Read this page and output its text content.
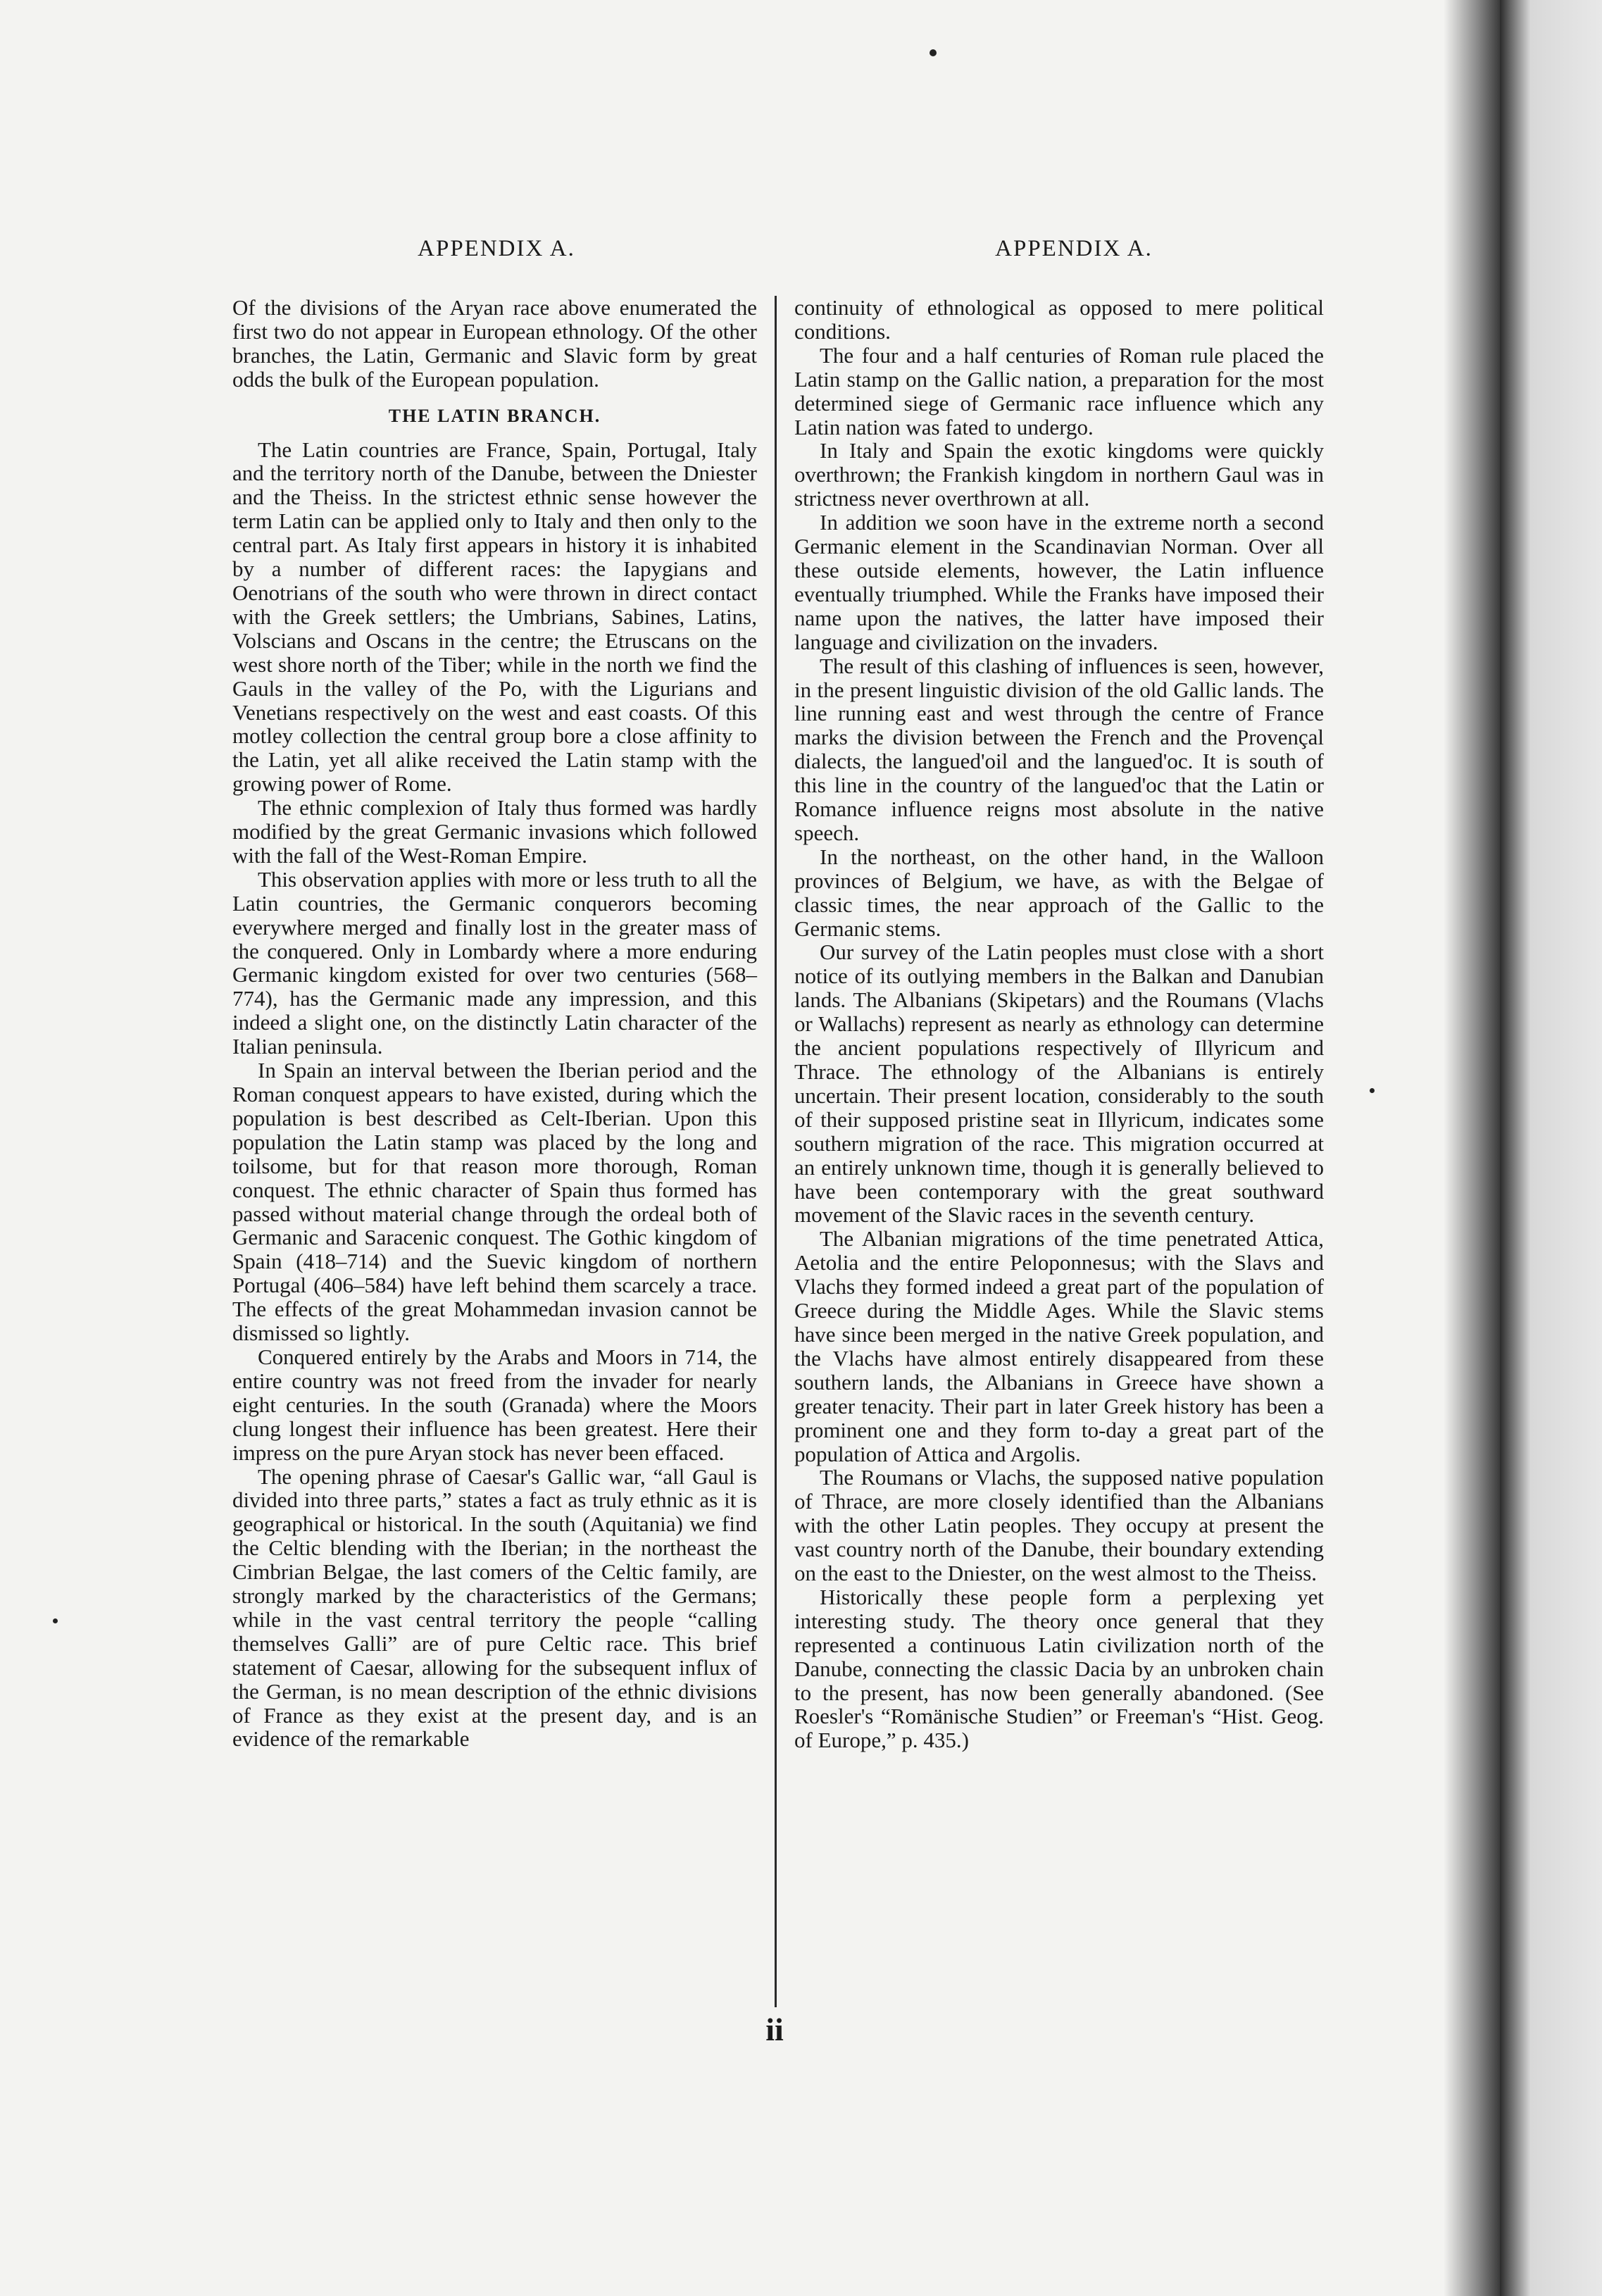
APPENDIX A.	APPENDIX A.

Of the divisions of the Aryan race above enumerated the first two do not appear in European ethnology. Of the other branches, the Latin, Germanic and Slavic form by great odds the bulk of the European population.

THE LATIN BRANCH.

The Latin countries are France, Spain, Portugal, Italy and the territory north of the Danube, between the Dniester and the Theiss. In the strictest ethnic sense however the term Latin can be applied only to Italy and then only to the central part. As Italy first appears in history it is inhabited by a number of different races: the Iapygians and Oenotrians of the south who were thrown in direct contact with the Greek settlers; the Umbrians, Sabines, Latins, Volscians and Oscans in the centre; the Etruscans on the west shore north of the Tiber; while in the north we find the Gauls in the valley of the Po, with the Ligurians and Venetians respectively on the west and east coasts. Of this motley collection the central group bore a close affinity to the Latin, yet all alike received the Latin stamp with the growing power of Rome.

The ethnic complexion of Italy thus formed was hardly modified by the great Germanic invasions which followed with the fall of the West-Roman Empire.

This observation applies with more or less truth to all the Latin countries, the Germanic conquerors becoming everywhere merged and finally lost in the greater mass of the conquered. Only in Lombardy where a more enduring Germanic kingdom existed for over two centuries (568–774), has the Germanic made any impression, and this indeed a slight one, on the distinctly Latin character of the Italian peninsula.

In Spain an interval between the Iberian period and the Roman conquest appears to have existed, during which the population is best described as Celt-Iberian. Upon this population the Latin stamp was placed by the long and toilsome, but for that reason more thorough, Roman conquest. The ethnic character of Spain thus formed has passed without material change through the ordeal both of Germanic and Saracenic conquest. The Gothic kingdom of Spain (418–714) and the Suevic kingdom of northern Portugal (406–584) have left behind them scarcely a trace. The effects of the great Mohammedan invasion cannot be dismissed so lightly.

Conquered entirely by the Arabs and Moors in 714, the entire country was not freed from the invader for nearly eight centuries. In the south (Granada) where the Moors clung longest their influence has been greatest. Here their impress on the pure Aryan stock has never been effaced.

The opening phrase of Caesar's Gallic war, “all Gaul is divided into three parts,” states a fact as truly ethnic as it is geographical or historical. In the south (Aquitania) we find the Celtic blending with the Iberian; in the northeast the Cimbrian Belgae, the last comers of the Celtic family, are strongly marked by the characteristics of the Germans; while in the vast central territory the people “calling themselves Galli” are of pure Celtic race. This brief statement of Caesar, allowing for the subsequent influx of the German, is no mean description of the ethnic divisions of France as they exist at the present day, and is an evidence of the remarkable

continuity of ethnological as opposed to mere political conditions.

The four and a half centuries of Roman rule placed the Latin stamp on the Gallic nation, a preparation for the most determined siege of Germanic race influence which any Latin nation was fated to undergo.

In Italy and Spain the exotic kingdoms were quickly overthrown; the Frankish kingdom in northern Gaul was in strictness never overthrown at all.

In addition we soon have in the extreme north a second Germanic element in the Scandinavian Norman. Over all these outside elements, however, the Latin influence eventually triumphed. While the Franks have imposed their name upon the natives, the latter have imposed their language and civilization on the invaders.

The result of this clashing of influences is seen, however, in the present linguistic division of the old Gallic lands. The line running east and west through the centre of France marks the division between the French and the Provençal dialects, the langued'oil and the langued'oc. It is south of this line in the country of the langued'oc that the Latin or Romance influence reigns most absolute in the native speech.

In the northeast, on the other hand, in the Walloon provinces of Belgium, we have, as with the Belgae of classic times, the near approach of the Gallic to the Germanic stems.

Our survey of the Latin peoples must close with a short notice of its outlying members in the Balkan and Danubian lands. The Albanians (Skipetars) and the Roumans (Vlachs or Wallachs) represent as nearly as ethnology can determine the ancient populations respectively of Illyricum and Thrace. The ethnology of the Albanians is entirely uncertain. Their present location, considerably to the south of their supposed pristine seat in Illyricum, indicates some southern migration of the race. This migration occurred at an entirely unknown time, though it is generally believed to have been contemporary with the great southward movement of the Slavic races in the seventh century.

The Albanian migrations of the time penetrated Attica, Aetolia and the entire Peloponnesus; with the Slavs and Vlachs they formed indeed a great part of the population of Greece during the Middle Ages. While the Slavic stems have since been merged in the native Greek population, and the Vlachs have almost entirely disappeared from these southern lands, the Albanians in Greece have shown a greater tenacity. Their part in later Greek history has been a prominent one and they form to-day a great part of the population of Attica and Argolis.

The Roumans or Vlachs, the supposed native population of Thrace, are more closely identified than the Albanians with the other Latin peoples. They occupy at present the vast country north of the Danube, their boundary extending on the east to the Dniester, on the west almost to the Theiss.

Historically these people form a perplexing yet interesting study. The theory once general that they represented a continuous Latin civilization north of the Danube, connecting the classic Dacia by an unbroken chain to the present, has now been generally abandoned. (See Roesler's “Romänische Studien” or Freeman's “Hist. Geog. of Europe,” p. 435.)

ii
